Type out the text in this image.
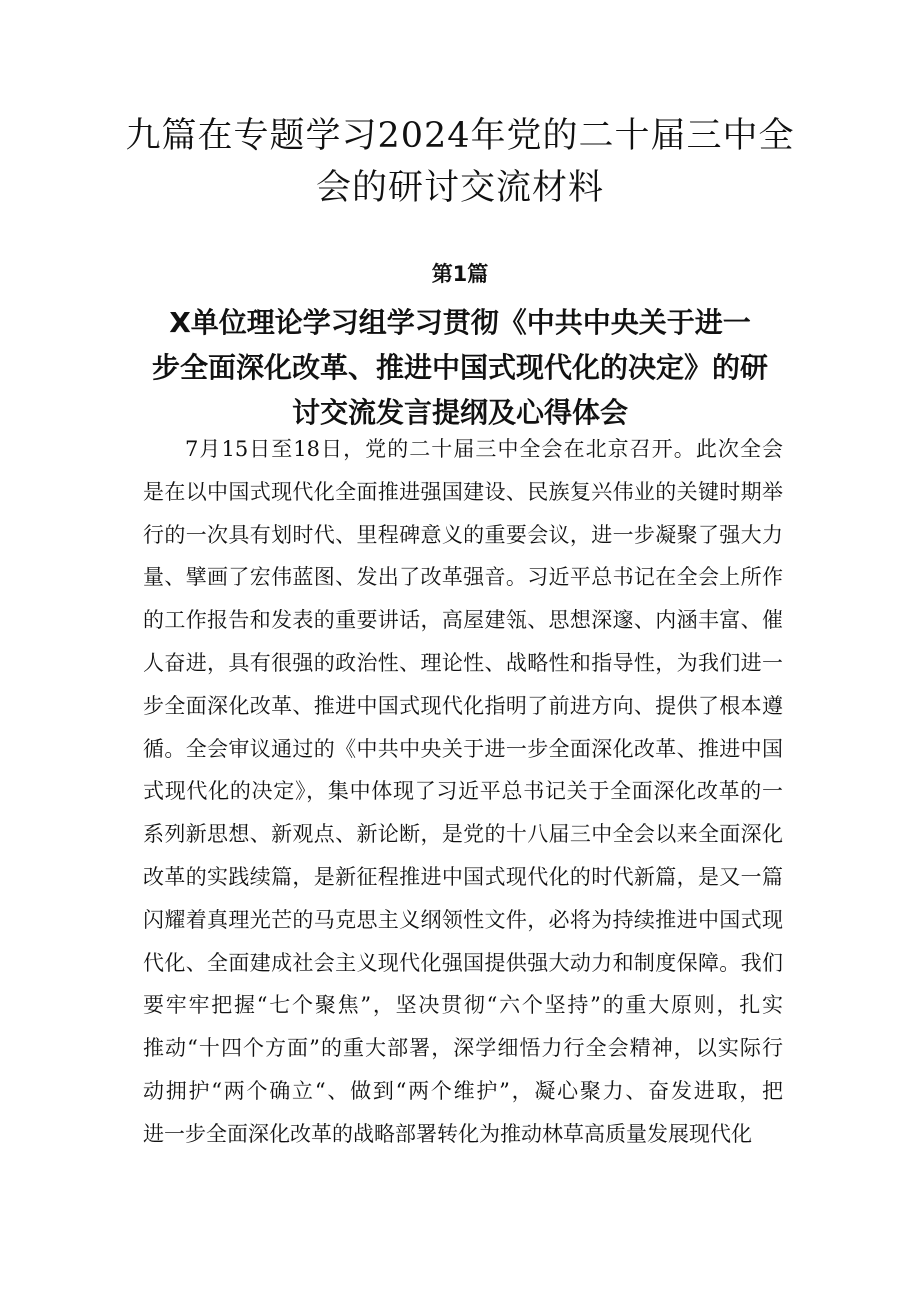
九篇在专题学习2024年党的二十届三中全
会的研讨交流材料
第1篇
X单位理论学习组学习贯彻《中共中央关于进一
步全面深化改革、推进中国式现代化的决定》的研
讨交流发言提纲及心得体会
7月15日至18日，党的二十届三中全会在北京召开。此次全会
是在以中国式现代化全面推进强国建设、民族复兴伟业的关键时期举
行的一次具有划时代、里程碑意义的重要会议，进一步凝聚了强大力
量、擘画了宏伟蓝图、发出了改革强音。习近平总书记在全会上所作
的工作报告和发表的重要讲话，高屋建瓴、思想深邃、内涵丰富、催
人奋进，具有很强的政治性、理论性、战略性和指导性，为我们进一
步全面深化改革、推进中国式现代化指明了前进方向、提供了根本遵
循。全会审议通过的《中共中央关于进一步全面深化改革、推进中国
式现代化的决定》，集中体现了习近平总书记关于全面深化改革的一
系列新思想、新观点、新论断，是党的十八届三中全会以来全面深化
改革的实践续篇，是新征程推进中国式现代化的时代新篇，是又一篇
闪耀着真理光芒的马克思主义纲领性文件，必将为持续推进中国式现
代化、全面建成社会主义现代化强国提供强大动力和制度保障。我们
要牢牢把握“七个聚焦”，坚决贯彻“六个坚持”的重大原则，扎实
推动“十四个方面”的重大部署，深学细悟力行全会精神，以实际行
动拥护“两个确立“、做到“两个维护”，凝心聚力、奋发进取，把
进一步全面深化改革的战略部署转化为推动林草高质量发展现代化
